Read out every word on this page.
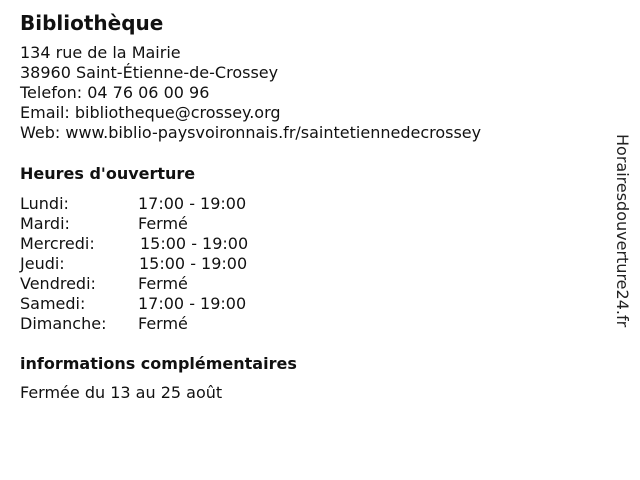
Bibliothèque
134 rue de la Mairie
38960 Saint-Étienne-de-Crossey
Telefon: 04 76 06 00 96
Email: bibliotheque@crossey.org
Web: www.biblio-paysvoironnais.fr/saintetiennedecrossey
Heures d'ouverture
Lundi:	17:00 - 19:00
Mardi:	Fermé
Mercredi:	15:00 - 19:00
Jeudi:	15:00 - 19:00
Vendredi:	Fermé
Samedi:	17:00 - 19:00
Dimanche:	Fermé
informations complémentaires
Fermée du 13 au 25 août
Horairesdouverture24.fr
